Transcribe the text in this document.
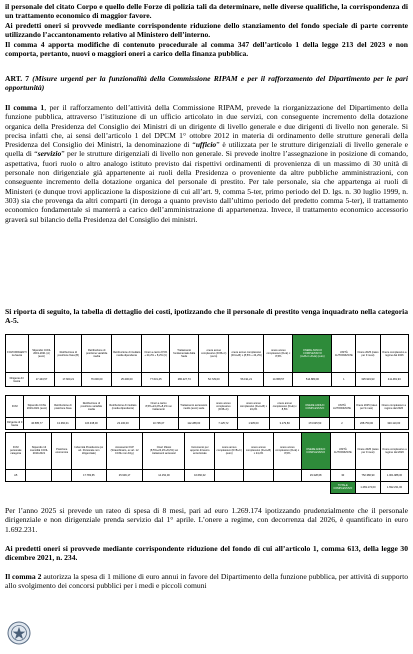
il personale del citato Corpo e quello delle Forze di polizia tali da determinare, nelle diverse qualifiche, la corrispondenza di un trattamento economico di maggior favore.

Ai predetti oneri si provvede mediante corrispondente riduzione dello stanziamento del fondo speciale di parte corrente utilizzando l’accantonamento relativo al Ministero dell’interno.

Il comma 4 apporta modifiche di contenuto procedurale al comma 347 dell’articolo 1 della legge 213 del 2023 e non comporta, pertanto, nuovi o maggiori oneri a carico della finanza pubblica.

ART. 7 (Misure urgenti per la funzionalità della Commissione RIPAM e per il rafforzamento del Dipartimento per le pari opportunità)

Il comma 1, per il rafforzamento dell’attività della Commissione RIPAM, prevede la riorganizzazione del Dipartimento della funzione pubblica, attraverso l’istituzione di un ufficio articolato in due servizi, con conseguente incremento della dotazione organica della Presidenza del Consiglio dei Ministri di un dirigente di livello generale e due dirigenti di livello non generale. Si precisa infatti che, ai sensi dell’articolo 1 del DPCM 1° ottobre 2012 in materia di ordinamento delle strutture generali della Presidenza del Consiglio dei Ministri, la denominazione di “ufficio” è utilizzata per le strutture dirigenziali di livello generale e quella di “servizio” per le strutture dirigenziali di livello non generale. Si prevede inoltre l’assegnazione in posizione di comando, aspettativa, fuori ruolo o altro analogo istituto previsto dai rispettivi ordinamenti di provenienza di un massimo di 30 unità di personale non dirigenziale già appartenente ai ruoli della Presidenza o proveniente da altre pubbliche amministrazioni, con conseguente incremento della dotazione organica del personale di prestito. Per tale personale, sia che appartenga ai ruoli di Ministeri (e dunque trovi applicazione la disposizione di cui all’art. 9, comma 5-ter, primo periodo del D. lgs. n. 30 luglio 1999, n. 303) sia che provenga da altri comparti (in deroga a quanto previsto dall’ultimo periodo del predetto comma 5-ter), il trattamento economico fondamentale si manterrà a carico dell’amministrazione di appartenenza. Invece, il trattamento economico accessorio graverà sul bilancio della Presidenza del Consiglio dei ministri.

Si riporta di seguito, la tabella di dettaglio dei costi, ipotizzando che il personale di prestito venga inquadrato nella categoria A-5.

FCM DIRIGENTI 1a fascia	Stipendio CCNL 2019-2021 (A) (euro)	Retribuzione di posizione fissa (B)	Retribuzione di posizione variabile media	Retribuzione di risultato media dipendente	Oneri a carico 8,5% + 24,2% + 8,2% (C)	Trattamento fondamentale dalla Sede	onere annuo complessivo (D=B+C) (euro)	onere annuo complessivo (D=A+B) x (8,5% + 24,2%)	onere annuo complessivo (D+E) x 8,5%	ONERE ANNUO COMPLESSIVO (A+B+C+D+E) (euro)	UNITÀ AUTORIZZATE	Onere 2025 (rateo per 9 mesi)	Onere complessivo a regime dal 2026
Dirigente di I fascia	17.443,57	17.600,21	76.000,00	25.200,00	77.631,45	280.227,73	52.729,00	56.191,21	14.958,57	514.880,00	1	325.919,93	411.481,93
FCM	Stipendio CCNL 2019-2021 (euro)	Retribuzione di posizione fissa	Retribuzione di posizione variabile media	Retribuzione di risultato (media dipendente)	Oneri a carico 8,5%+24,2%+8,2% sui trattamenti	Trattamento accessorio medio (euro) sede	onere annuo complessivo (D=B+C)	onere annuo complessivo (D+A+B) x 24,2%	onere annuo complessivo (D+E) x 8,5%	ONERE ANNUO COMPLESSIVO	UNITÀ AUTORIZZATE	Onere 2025 (rateo per 9 mesi)	Onere complessivo a regime dal 2026
Dirigente di II fascia	46.585,77	13.360,01	115.338,00	23.100,00	10.795,07	112.288,00	7.125,72	1.935,00	3.179,83	173.625,53	2	268.750,00	320.110,00
FCM personale categoria	Stipendio 13 mensilità CCNL 2019-2021	Posizione economica	Indennità Presidenza (ex art. Personale non dirigenziale)	Accessorio FUP (Straordinario, ex art. 12 CCNL non dirig.)	Oneri riflessi (8,5%+24,2%+8,2%) sui trattamenti accessori	Incremento per apporto di lavoro eccezionale	onere annuo complessivo (D=B+C) (euro)	onere annuo complessivo (D+A+B) x 24,2%	onere annuo complessivo (D+E) x 8,5%	ONERE ANNUO COMPLESSIVO	UNITÀ AUTORIZZATE	Onere 2025 (rateo per 9 mesi)	Onere complessivo a regime dal 2026
A5			17.783,65	25.939,17	14.152,00	16.660,02				29.328,08	30	752.380,90	1.001.988,30
											TOTALE COMPLESSIVO	1.269.174,00	1.692.231,00

Per l’anno 2025 si prevede un rateo di spesa di 8 mesi, pari ad euro 1.269.174 ipotizzando prudenzialmente che il personale dirigenziale e non dirigenziale prenda servizio dal 1° aprile. L’onere a regime, con decorrenza dal 2026, è quantificato in euro 1.692.231.

Ai predetti oneri si provvede mediante corrispondente riduzione del fondo di cui all’articolo 1, comma 613, della legge 30 dicembre 2021, n. 234.

Il comma 2 autorizza la spesa di 1 milione di euro annui in favore del Dipartimento della funzione pubblica, per attività di supporto allo svolgimento dei concorsi pubblici per i medi e piccoli comuni
